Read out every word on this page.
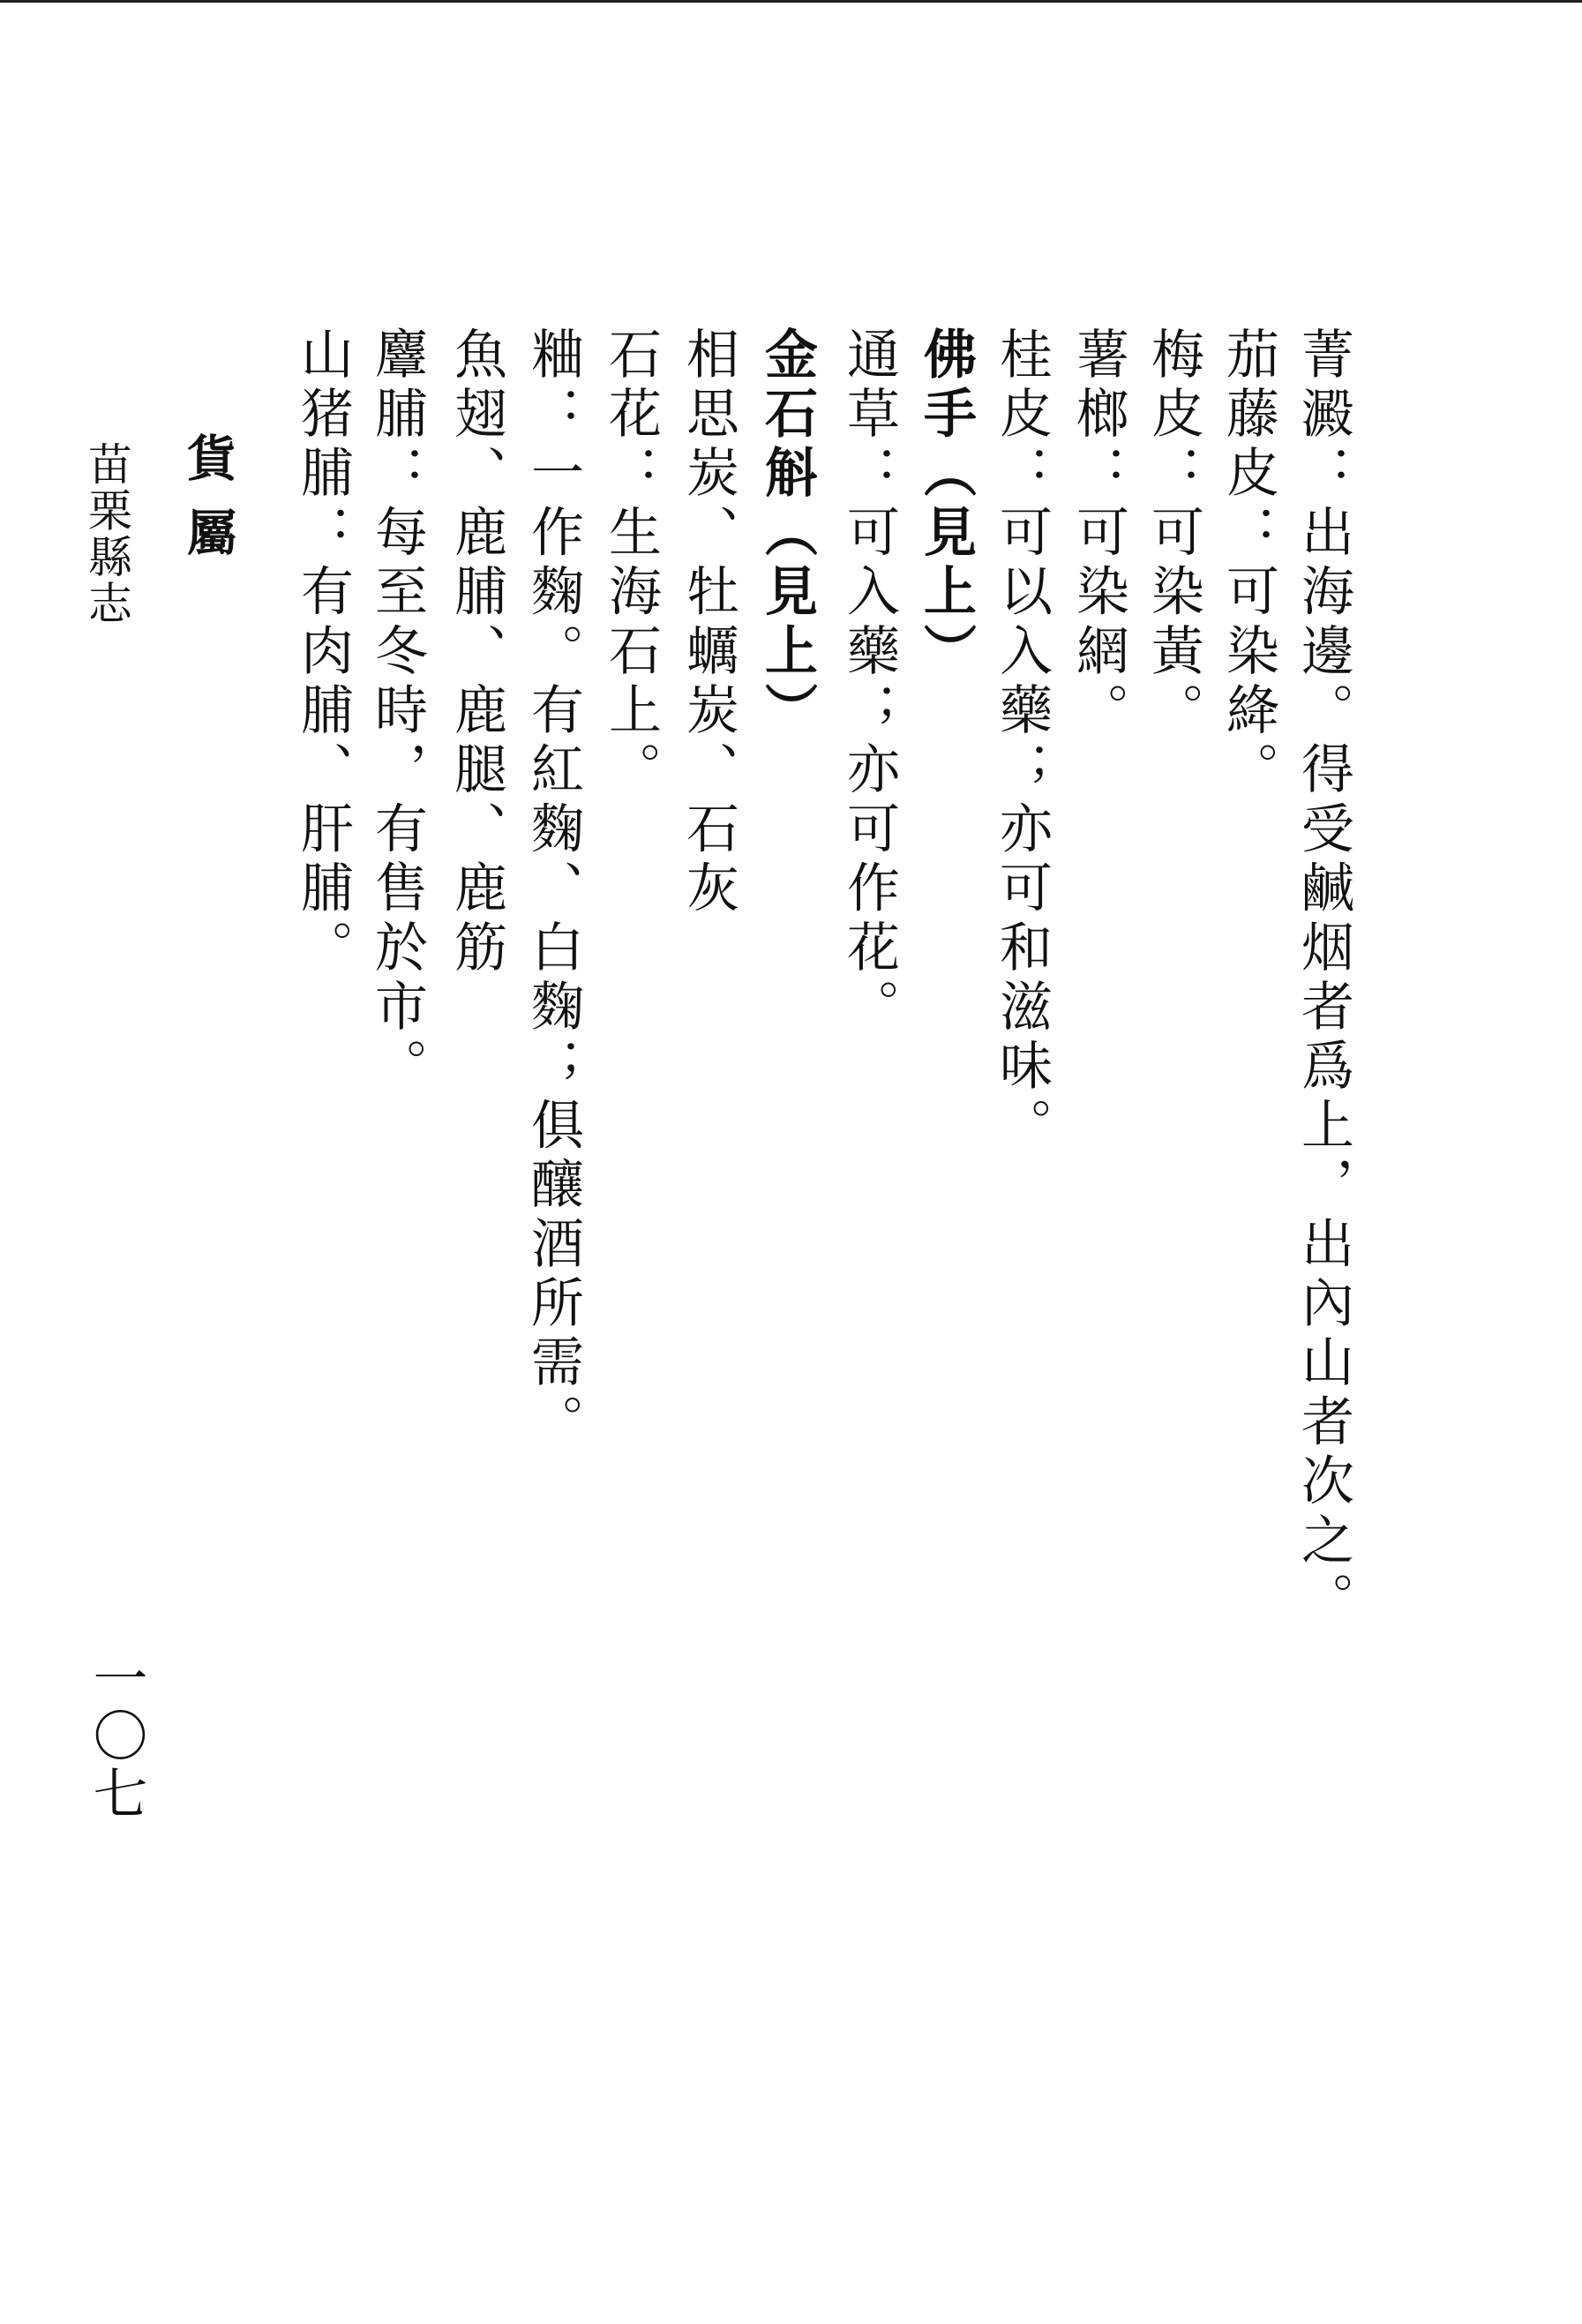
菁澱：出海邊。得受鹹烟者爲上，出內山者次之。
茄藤皮：可染絳。
梅皮：可染黃。
薯榔：可染網。
桂皮：可以入藥；亦可和滋味。
佛手（見上）
通草：可入藥；亦可作花。
金石斛（見上）
相思炭、牡蠣炭、石灰
石花：生海石上。
粬：一作麴。有紅麴、白麴；俱釀酒所需。
魚翅、鹿脯、鹿腿、鹿筋
麞脯：每至冬時，有售於市。
山猪脯：有肉脯、肝脯。
貨屬
苗栗縣志
一〇七
